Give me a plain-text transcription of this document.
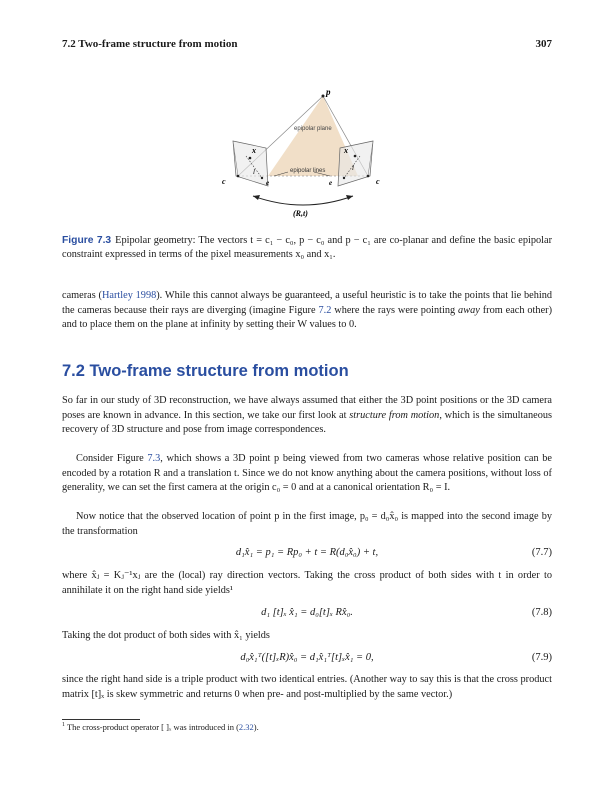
7.2 Two-frame structure from motion	307
p
epipolar plane
x	x
l	l
e	e
c	c
epipolar lines
(R,t)
Figure 7.3 Epipolar geometry: The vectors t = c₁ − c₀, p − c₀ and p − c₁ are co-planar and define the basic epipolar constraint expressed in terms of the pixel measurements x₀ and x₁.
cameras (Hartley 1998). While this cannot always be guaranteed, a useful heuristic is to take the points that lie behind the cameras because their rays are diverging (imagine Figure 7.2 where the rays were pointing away from each other) and to place them on the plane at infinity by setting their W values to 0.
7.2 Two-frame structure from motion
So far in our study of 3D reconstruction, we have always assumed that either the 3D point positions or the 3D camera poses are known in advance. In this section, we take our first look at structure from motion, which is the simultaneous recovery of 3D structure and pose from image correspondences.
Consider Figure 7.3, which shows a 3D point p being viewed from two cameras whose relative position can be encoded by a rotation R and a translation t. Since we do not know anything about the camera positions, without loss of generality, we can set the first camera at the origin c₀ = 0 and at a canonical orientation R₀ = I.
Now notice that the observed location of point p in the first image, p₀ = d₀x̂₀ is mapped into the second image by the transformation
d₁x̂₁ = p₁ = Rp₀ + t = R(d₀x̂₀) + t,	(7.7)
where x̂ⱼ = Kⱼ⁻¹xⱼ are the (local) ray direction vectors. Taking the cross product of both sides with t in order to annihilate it on the right hand side yields¹
d₁ [t]ₓ x̂₁ = d₀[t]ₓ Rx̂₀.	(7.8)
Taking the dot product of both sides with x̂₁ yields
d₀x̂₁ᵀ([t]ₓR)x̂₀ = d₁x̂₁ᵀ[t]ₓx̂₁ = 0,	(7.9)
since the right hand side is a triple product with two identical entries. (Another way to say this is that the cross product matrix [t]ₓ is skew symmetric and returns 0 when pre- and post-multiplied by the same vector.)
$^1$ The cross-product operator [ ]ₓ was introduced in (2.32).
